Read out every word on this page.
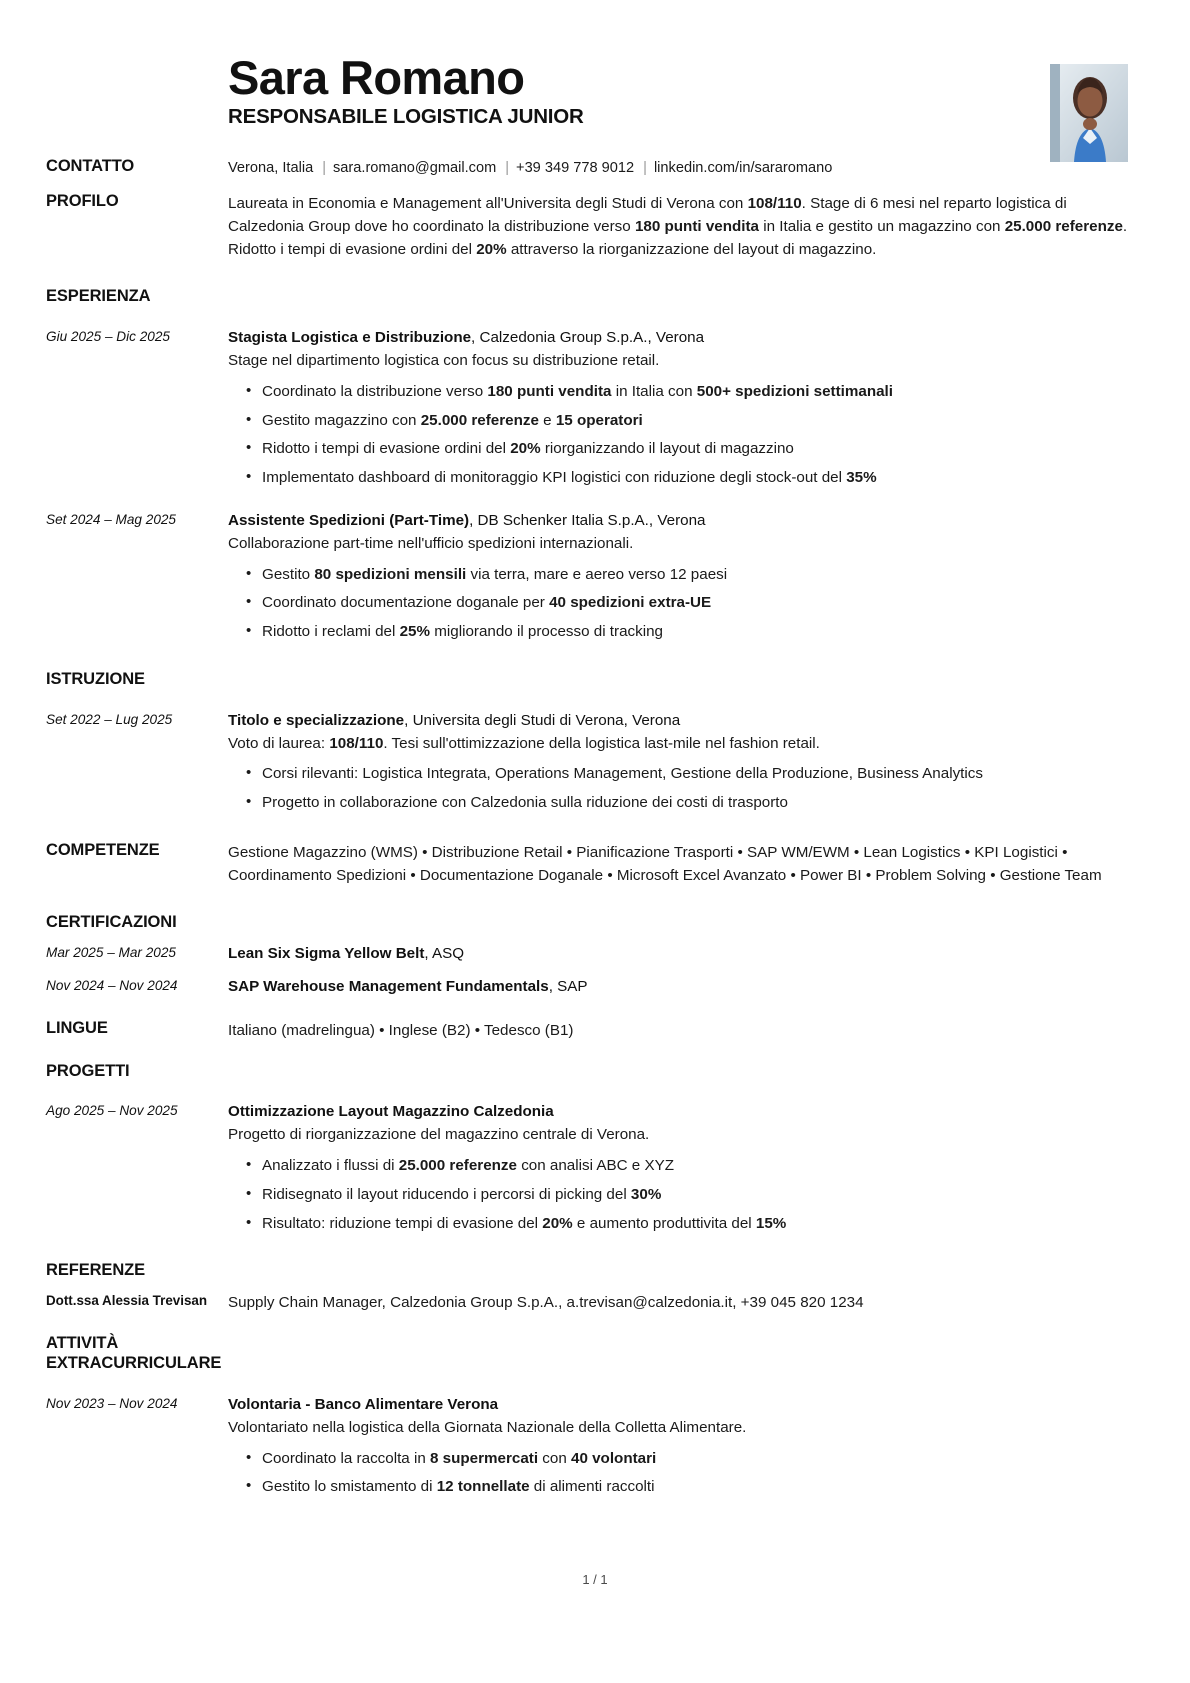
Sara Romano
RESPONSABILE LOGISTICA JUNIOR
CONTATTO	Verona, Italia | sara.romano@gmail.com | +39 349 778 9012 | linkedin.com/in/sararomano
PROFILO	Laureata in Economia e Management all'Universita degli Studi di Verona con 108/110. Stage di 6 mesi nel reparto logistica di Calzedonia Group dove ho coordinato la distribuzione verso 180 punti vendita in Italia e gestito un magazzino con 25.000 referenze. Ridotto i tempi di evasione ordini del 20% attraverso la riorganizzazione del layout di magazzino.
ESPERIENZA
Giu 2025 – Dic 2025	Stagista Logistica e Distribuzione, Calzedonia Group S.p.A., Verona
Stage nel dipartimento logistica con focus su distribuzione retail.
• Coordinato la distribuzione verso 180 punti vendita in Italia con 500+ spedizioni settimanali
• Gestito magazzino con 25.000 referenze e 15 operatori
• Ridotto i tempi di evasione ordini del 20% riorganizzando il layout di magazzino
• Implementato dashboard di monitoraggio KPI logistici con riduzione degli stock-out del 35%
Set 2024 – Mag 2025	Assistente Spedizioni (Part-Time), DB Schenker Italia S.p.A., Verona
Collaborazione part-time nell'ufficio spedizioni internazionali.
• Gestito 80 spedizioni mensili via terra, mare e aereo verso 12 paesi
• Coordinato documentazione doganale per 40 spedizioni extra-UE
• Ridotto i reclami del 25% migliorando il processo di tracking
ISTRUZIONE
Set 2022 – Lug 2025	Titolo e specializzazione, Universita degli Studi di Verona, Verona
Voto di laurea: 108/110. Tesi sull'ottimizzazione della logistica last-mile nel fashion retail.
• Corsi rilevanti: Logistica Integrata, Operations Management, Gestione della Produzione, Business Analytics
• Progetto in collaborazione con Calzedonia sulla riduzione dei costi di trasporto
COMPETENZE	Gestione Magazzino (WMS) • Distribuzione Retail • Pianificazione Trasporti • SAP WM/EWM • Lean Logistics • KPI Logistici • Coordinamento Spedizioni • Documentazione Doganale • Microsoft Excel Avanzato • Power BI • Problem Solving • Gestione Team
CERTIFICAZIONI
Mar 2025 – Mar 2025	Lean Six Sigma Yellow Belt, ASQ
Nov 2024 – Nov 2024	SAP Warehouse Management Fundamentals, SAP
LINGUE	Italiano (madrelingua) • Inglese (B2) • Tedesco (B1)
PROGETTI
Ago 2025 – Nov 2025	Ottimizzazione Layout Magazzino Calzedonia
Progetto di riorganizzazione del magazzino centrale di Verona.
• Analizzato i flussi di 25.000 referenze con analisi ABC e XYZ
• Ridisegnato il layout riducendo i percorsi di picking del 30%
• Risultato: riduzione tempi di evasione del 20% e aumento produttivita del 15%
REFERENZE
Dott.ssa Alessia Trevisan	Supply Chain Manager, Calzedonia Group S.p.A., a.trevisan@calzedonia.it, +39 045 820 1234
ATTIVITÀ EXTRACURRICULARE
Nov 2023 – Nov 2024	Volontaria - Banco Alimentare Verona
Volontariato nella logistica della Giornata Nazionale della Colletta Alimentare.
• Coordinato la raccolta in 8 supermercati con 40 volontari
• Gestito lo smistamento di 12 tonnellate di alimenti raccolti
1 / 1
